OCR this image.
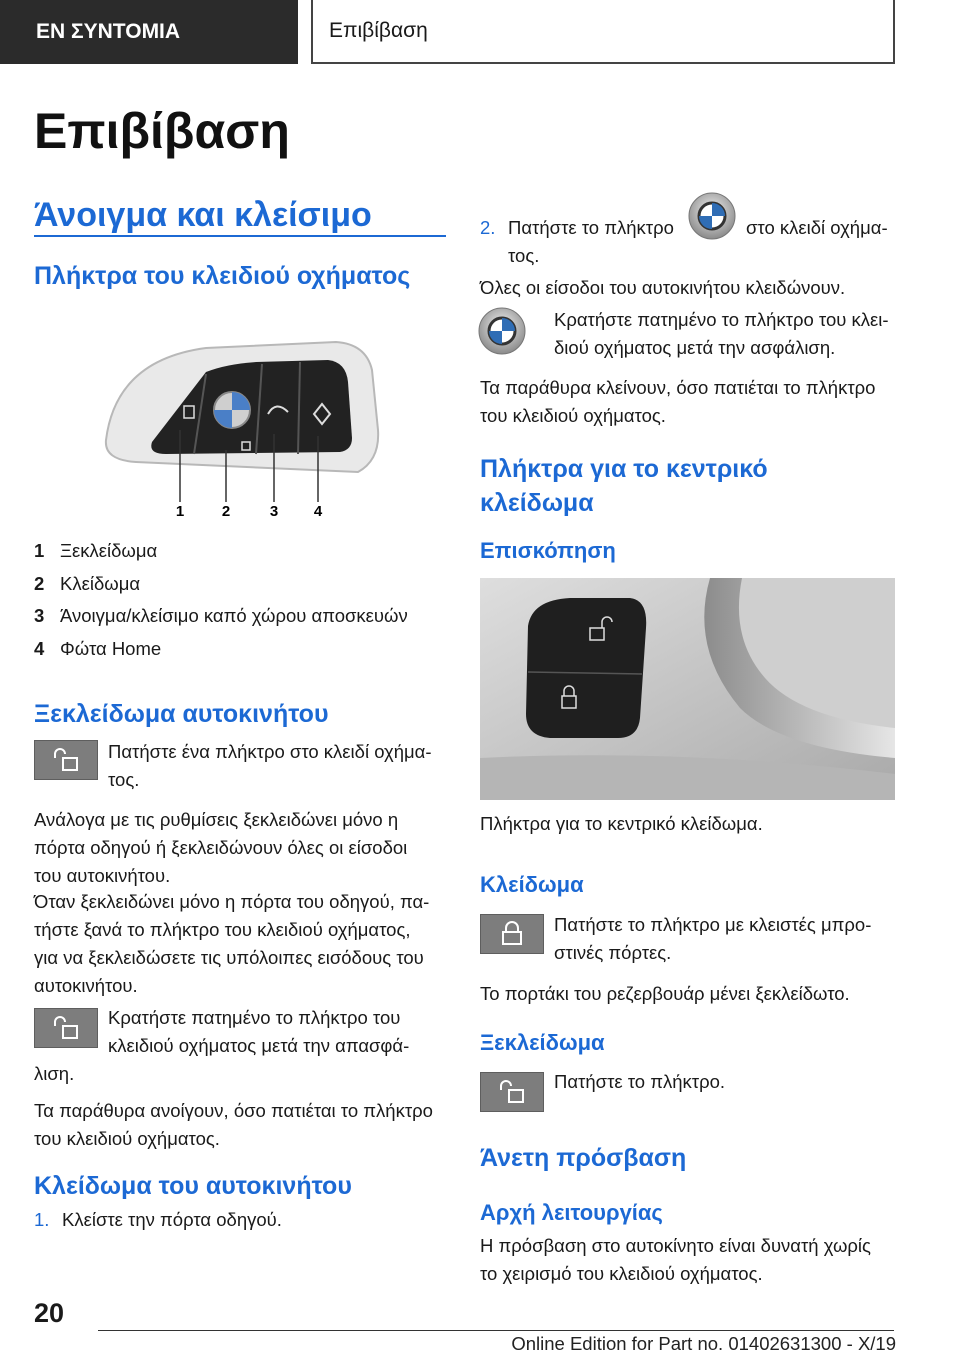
ΕΝ ΣΥΝΤΟΜΙΑ	Επιβίβαση
Επιβίβαση
Άνοιγμα και κλείσιμο
Πλήκτρα του κλειδιού οχήματος
1	2	3 4
1 Ξεκλείδωμα
2 Κλείδωμα
3 Άνοιγμα/κλείσιμο καπό χώρου αποσκευών
4 Φώτα Home
Ξεκλείδωμα αυτοκινήτου
Πατήστε ένα πλήκτρο στο κλειδί οχήμα-
τος.
Ανάλογα με τις ρυθμίσεις ξεκλειδώνει μόνο η
πόρτα οδηγού ή ξεκλειδώνουν όλες οι είσοδοι
του αυτοκινήτου.
Όταν ξεκλειδώνει μόνο η πόρτα του οδηγού, πα-
τήστε ξανά το πλήκτρο του κλειδιού οχήματος,
για να ξεκλειδώσετε τις υπόλοιπες εισόδους του
αυτοκινήτου.
Κρατήστε πατημένο το πλήκτρο του
κλειδιού οχήματος μετά την απασφά-
λιση.
Τα παράθυρα ανοίγουν, όσο πατιέται το πλήκτρο
του κλειδιού οχήματος.
Κλείδωμα του αυτοκινήτου
1. Κλείστε την πόρτα οδηγού.
2. Πατήστε το πλήκτρο	στο κλειδί οχήμα-
τος.
Όλες οι είσοδοι του αυτοκινήτου κλειδώνουν.
Κρατήστε πατημένο το πλήκτρο του κλει-
διού οχήματος μετά την ασφάλιση.
Τα παράθυρα κλείνουν, όσο πατιέται το πλήκτρο
του κλειδιού οχήματος.
Πλήκτρα για το κεντρικό
κλείδωμα
Επισκόπηση
Πλήκτρα για το κεντρικό κλείδωμα.
Κλείδωμα
Πατήστε το πλήκτρο με κλειστές μπρο-
στινές πόρτες.
Το πορτάκι του ρεζερβουάρ μένει ξεκλείδωτο.
Ξεκλείδωμα
Πατήστε το πλήκτρο.
Άνετη πρόσβαση
Αρχή λειτουργίας
Η πρόσβαση στο αυτοκίνητο είναι δυνατή χωρίς
το χειρισμό του κλειδιού οχήματος.
20
Online Edition for Part no. 01402631300 - X/19
